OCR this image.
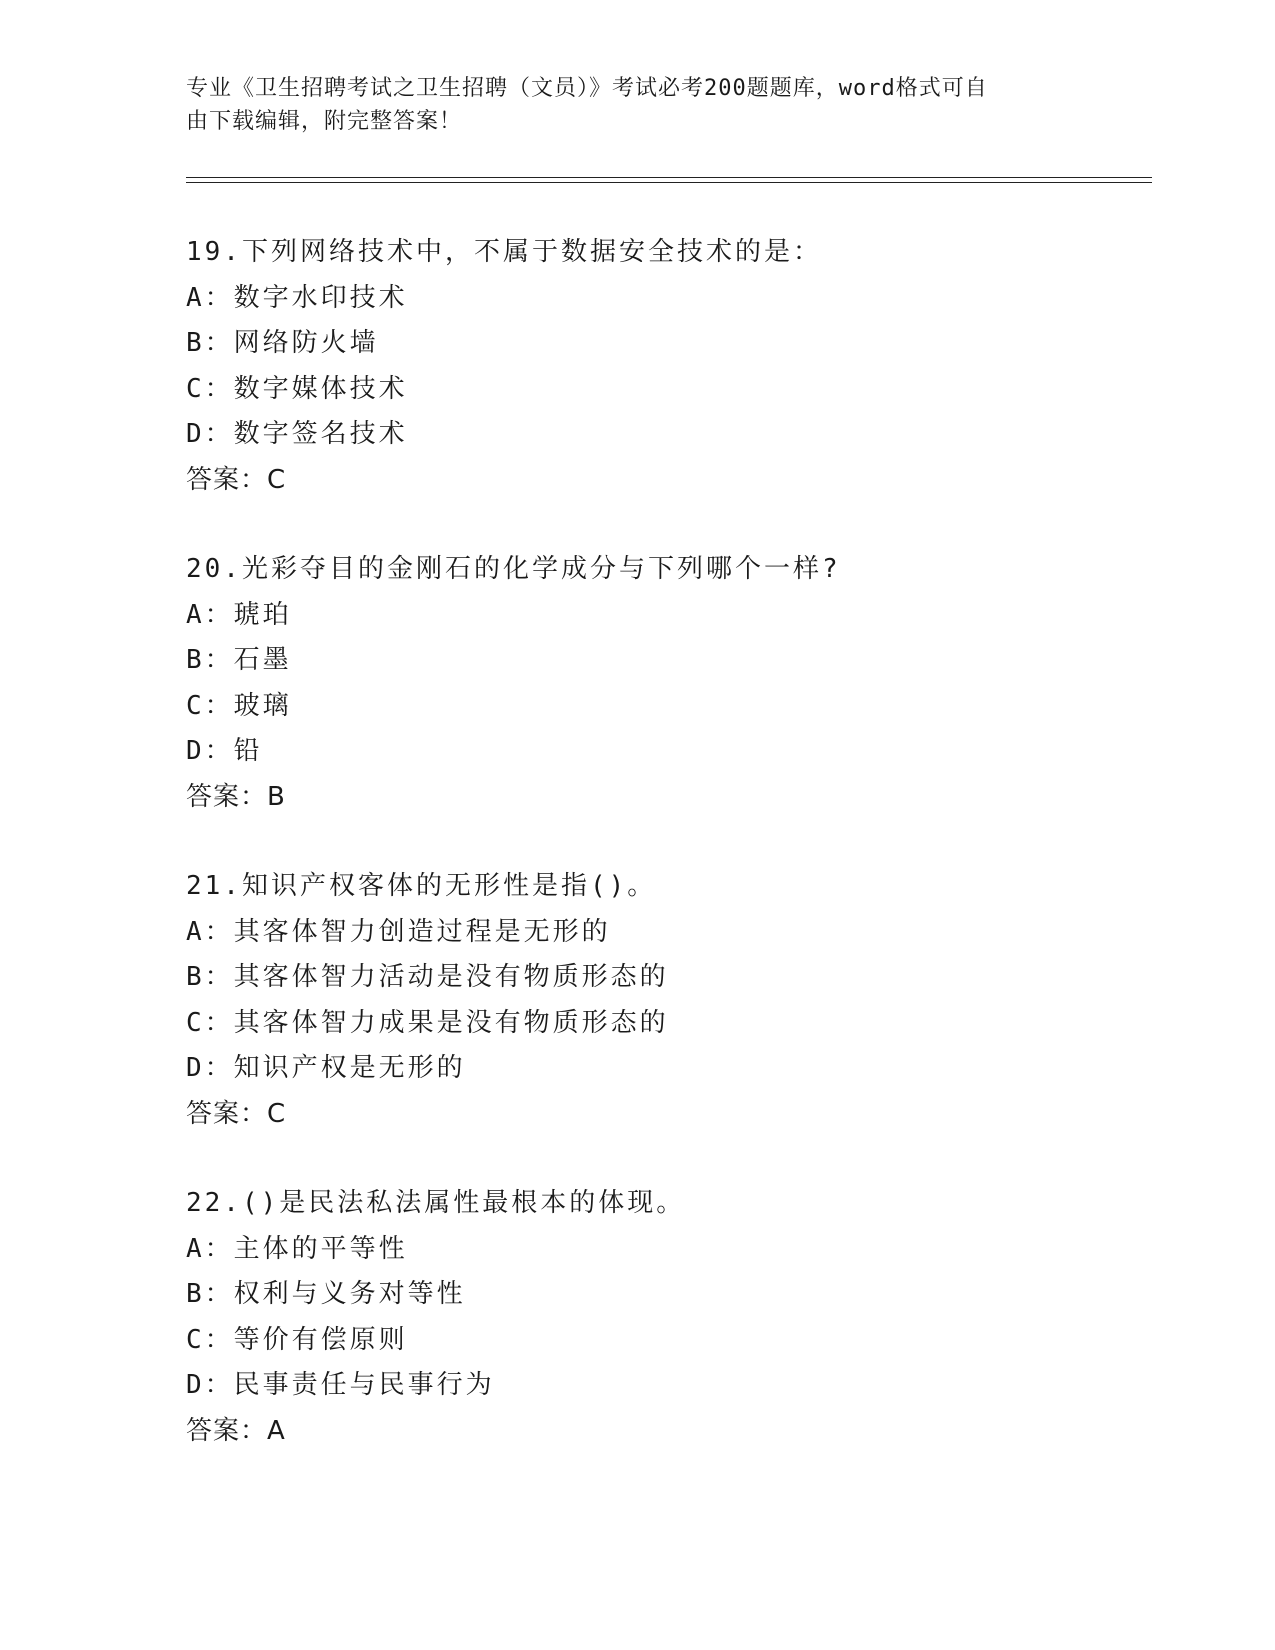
专业《卫生招聘考试之卫生招聘（文员）》考试必考200题题库，word格式可自
由下载编辑，附完整答案！
19.下列网络技术中，不属于数据安全技术的是：
A：数字水印技术
B：网络防火墙
C：数字媒体技术
D：数字签名技术
答案：C
20.光彩夺目的金刚石的化学成分与下列哪个一样?
A：琥珀
B：石墨
C：玻璃
D：铅
答案：B
21.知识产权客体的无形性是指()。
A：其客体智力创造过程是无形的
B：其客体智力活动是没有物质形态的
C：其客体智力成果是没有物质形态的
D：知识产权是无形的
答案：C
22.()是民法私法属性最根本的体现。
A：主体的平等性
B：权利与义务对等性
C：等价有偿原则
D：民事责任与民事行为
答案：A
